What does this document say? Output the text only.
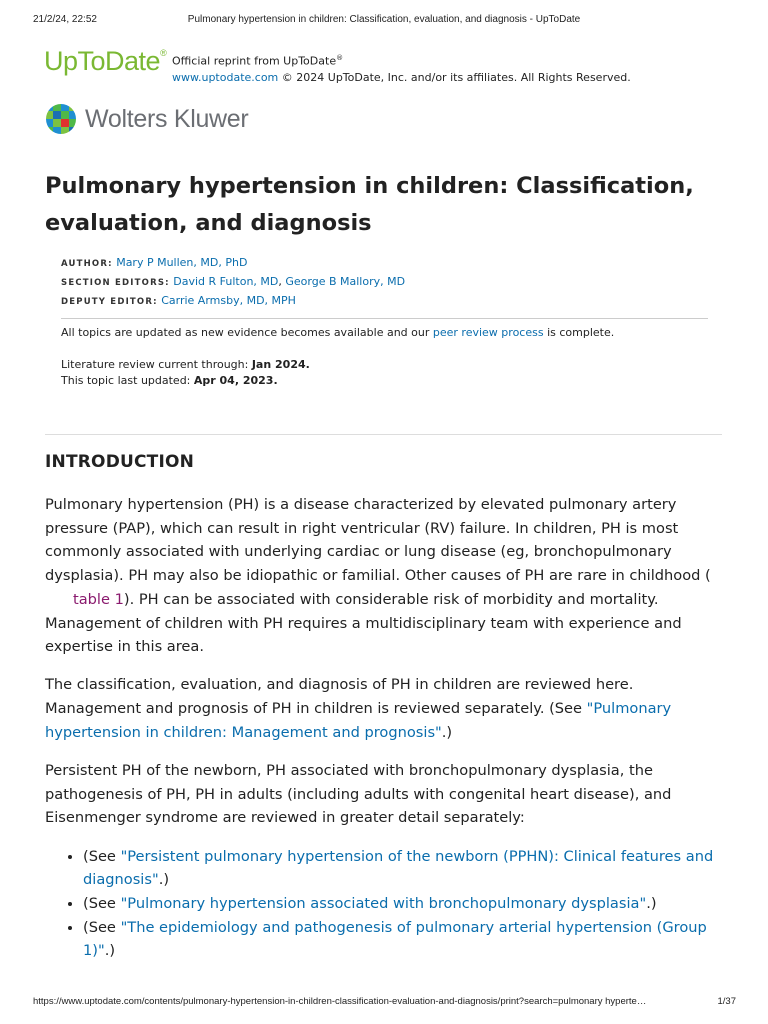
21/2/24, 22:52	Pulmonary hypertension in children: Classification, evaluation, and diagnosis - UpToDate
UpToDate®
Official reprint from UpToDate®
www.uptodate.com © 2024 UpToDate, Inc. and/or its affiliates. All Rights Reserved.
Wolters Kluwer
Pulmonary hypertension in children: Classification, evaluation, and diagnosis
AUTHOR: Mary P Mullen, MD, PhD
SECTION EDITORS: David R Fulton, MD, George B Mallory, MD
DEPUTY EDITOR: Carrie Armsby, MD, MPH
All topics are updated as new evidence becomes available and our peer review process is complete.
Literature review current through: Jan 2024.
This topic last updated: Apr 04, 2023.
INTRODUCTION

Pulmonary hypertension (PH) is a disease characterized by elevated pulmonary artery pressure (PAP), which can result in right ventricular (RV) failure. In children, PH is most commonly associated with underlying cardiac or lung disease (eg, bronchopulmonary dysplasia). PH may also be idiopathic or familial. Other causes of PH are rare in childhood (table 1). PH can be associated with considerable risk of morbidity and mortality. Management of children with PH requires a multidisciplinary team with experience and expertise in this area.

The classification, evaluation, and diagnosis of PH in children are reviewed here. Management and prognosis of PH in children is reviewed separately. (See "Pulmonary hypertension in children: Management and prognosis".)

Persistent PH of the newborn, PH associated with bronchopulmonary dysplasia, the pathogenesis of PH, PH in adults (including adults with congenital heart disease), and Eisenmenger syndrome are reviewed in greater detail separately:

• (See "Persistent pulmonary hypertension of the newborn (PPHN): Clinical features and diagnosis".)
• (See "Pulmonary hypertension associated with bronchopulmonary dysplasia".)
• (See "The epidemiology and pathogenesis of pulmonary arterial hypertension (Group 1)".)
https://www.uptodate.com/contents/pulmonary-hypertension-in-children-classification-evaluation-and-diagnosis/print?search=pulmonary hyperte…	1/37
